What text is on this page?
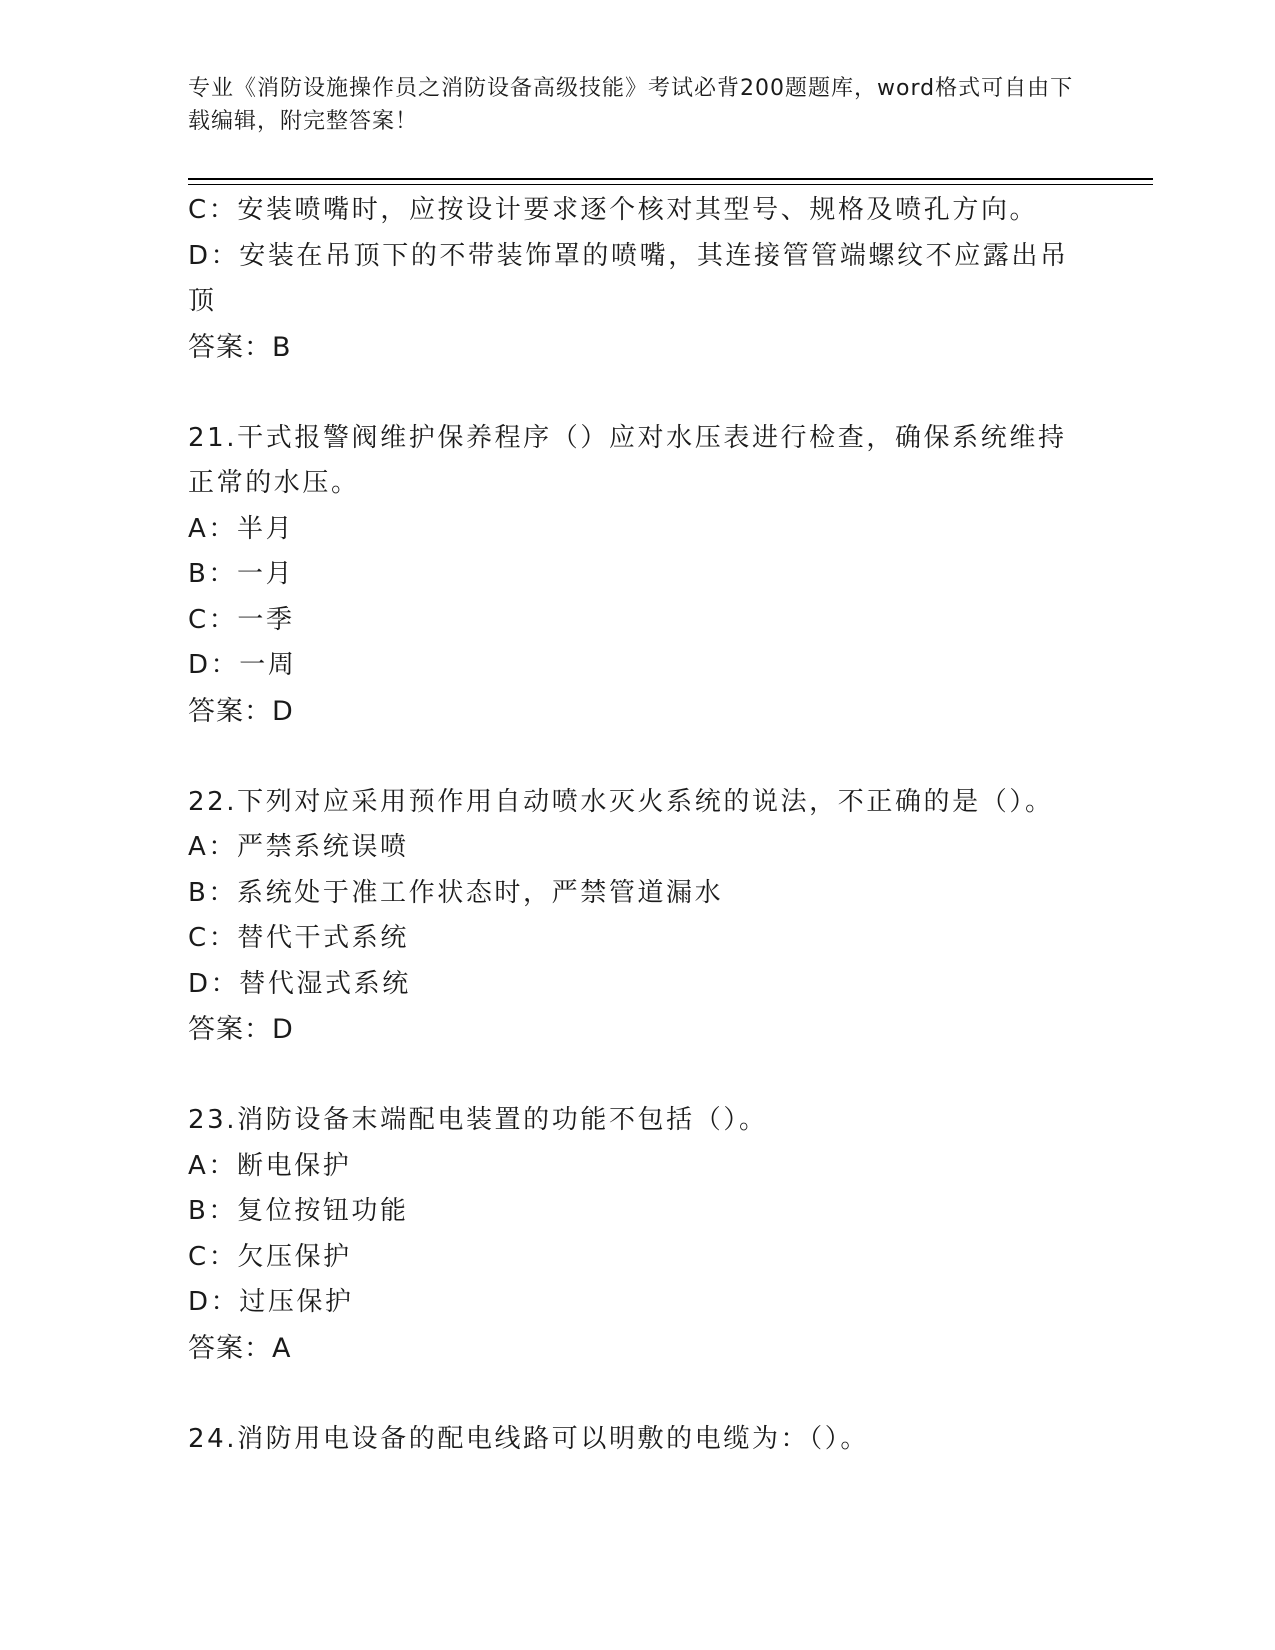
专业《消防设施操作员之消防设备高级技能》考试必背200题题库，word格式可自由下载编辑，附完整答案！

C：安装喷嘴时，应按设计要求逐个核对其型号、规格及喷孔方向。

D：安装在吊顶下的不带装饰罩的喷嘴，其连接管管端螺纹不应露出吊顶

答案：B

21.干式报警阀维护保养程序（）应对水压表进行检查，确保系统维持正常的水压。

A：半月

B：一月

C：一季

D：一周

答案：D

22.下列对应采用预作用自动喷水灭火系统的说法，不正确的是（）。

A：严禁系统误喷

B：系统处于准工作状态时，严禁管道漏水

C：替代干式系统

D：替代湿式系统

答案：D

23.消防设备末端配电装置的功能不包括（）。

A：断电保护

B：复位按钮功能

C：欠压保护

D：过压保护

答案：A

24.消防用电设备的配电线路可以明敷的电缆为：（）。
